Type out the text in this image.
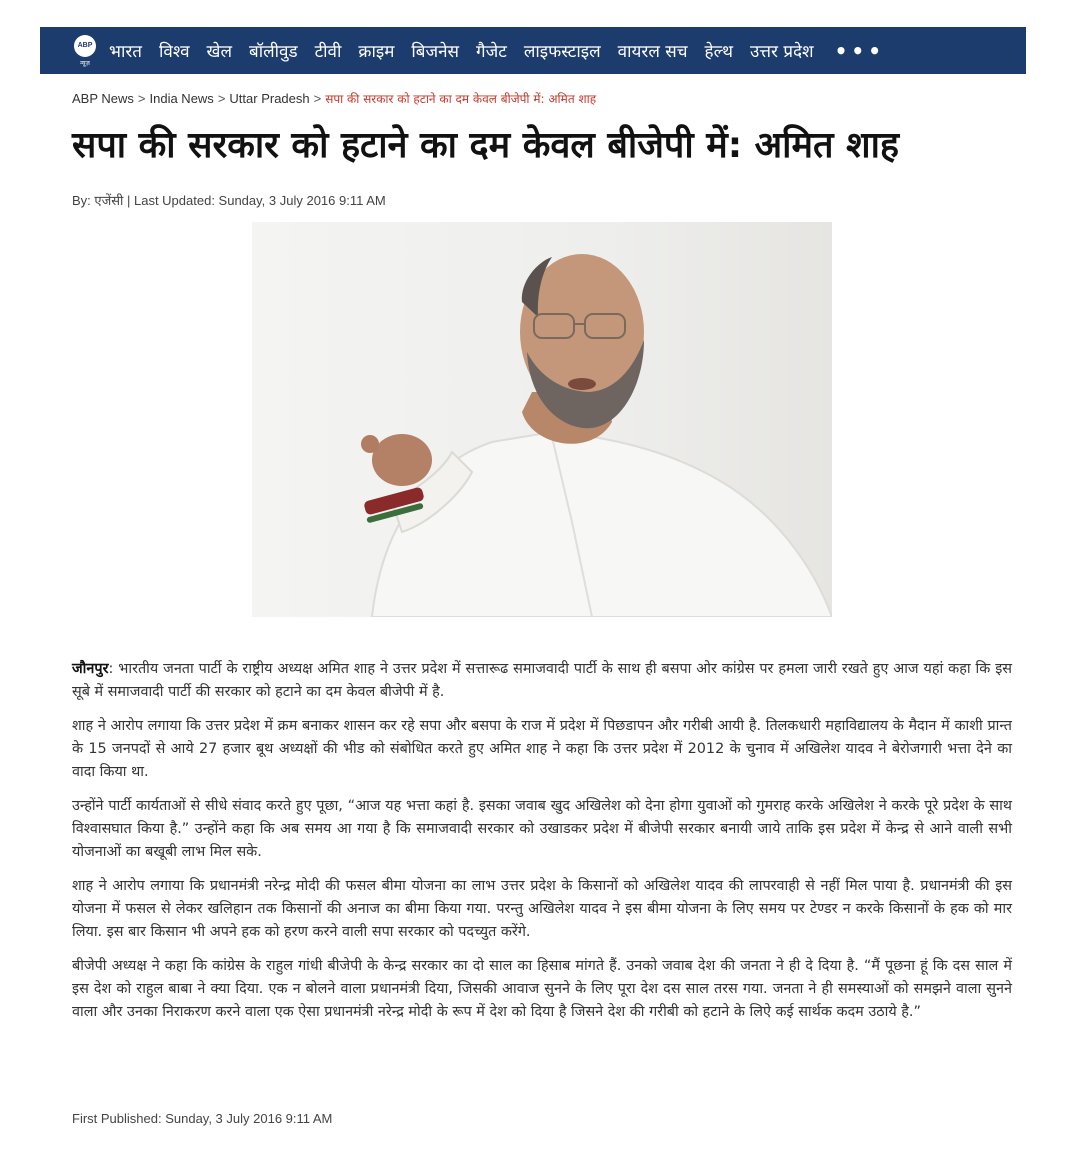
ABP
न्यूज़
भारत विश्व खेल बॉलीवुड टीवी क्राइम बिजनेस गैजेट लाइफस्टाइल वायरल सच हेल्थ उत्तर प्रदेश •••
ABP News > India News > Uttar Pradesh > सपा की सरकार को हटाने का दम केवल बीजेपी में: अमित शाह
सपा की सरकार को हटाने का दम केवल बीजेपी में: अमित शाह
By: एजेंसी | Last Updated: Sunday, 3 July 2016 9:11 AM

जौनपुर: भारतीय जनता पार्टी के राष्ट्रीय अध्यक्ष अमित शाह ने उत्तर प्रदेश में सत्तारूढ समाजवादी पार्टी के साथ ही बसपा ओर कांग्रेस पर हमला जारी रखते हुए आज यहां कहा कि इस सूबे में समाजवादी पार्टी की सरकार को हटाने का दम केवल बीजेपी में है.

शाह ने आरोप लगाया कि उत्तर प्रदेश में क्रम बनाकर शासन कर रहे सपा और बसपा के राज में प्रदेश में पिछडापन और गरीबी आयी है. तिलकधारी महाविद्यालय के मैदान में काशी प्रान्त के 15 जनपदों से आये 27 हजार बूथ अध्यक्षों की भीड को संबोधित करते हुए अमित शाह ने कहा कि उत्तर प्रदेश में 2012 के चुनाव में अखिलेश यादव ने बेरोजगारी भत्ता देने का वादा किया था.

उन्होंने पार्टी कार्यताओं से सीधे संवाद करते हुए पूछा, “आज यह भत्ता कहां है. इसका जवाब खुद अखिलेश को देना होगा युवाओं को गुमराह करके अखिलेश ने करके पूरे प्रदेश के साथ विश्वासघात किया है.” उन्होंने कहा कि अब समय आ गया है कि समाजवादी सरकार को उखाडकर प्रदेश में बीजेपी सरकार बनायी जाये ताकि इस प्रदेश में केन्द्र से आने वाली सभी योजनाओं का बखूबी लाभ मिल सके.

शाह ने आरोप लगाया कि प्रधानमंत्री नरेन्द्र मोदी की फसल बीमा योजना का लाभ उत्तर प्रदेश के किसानों को अखिलेश यादव की लापरवाही से नहीं मिल पाया है. प्रधानमंत्री की इस योजना में फसल से लेकर खलिहान तक किसानों की अनाज का बीमा किया गया. परन्तु अखिलेश यादव ने इस बीमा योजना के लिए समय पर टेण्डर न करके किसानों के हक को मार लिया. इस बार किसान भी अपने हक को हरण करने वाली सपा सरकार को पदच्युत करेंगे.

बीजेपी अध्यक्ष ने कहा कि कांग्रेस के राहुल गांधी बीजेपी के केन्द्र सरकार का दो साल का हिसाब मांगते हैं. उनको जवाब देश की जनता ने ही दे दिया है. “मैं पूछना हूं कि दस साल में इस देश को राहुल बाबा ने क्या दिया. एक न बोलने वाला प्रधानमंत्री दिया, जिसकी आवाज सुनने के लिए पूरा देश दस साल तरस गया. जनता ने ही समस्याओं को समझने वाला सुनने वाला और उनका निराकरण करने वाला एक ऐसा प्रधानमंत्री नरेन्द्र मोदी के रूप में देश को दिया है जिसने देश की गरीबी को हटाने के लिऐ कई सार्थक कदम उठाये है.”

First Published: Sunday, 3 July 2016 9:11 AM
